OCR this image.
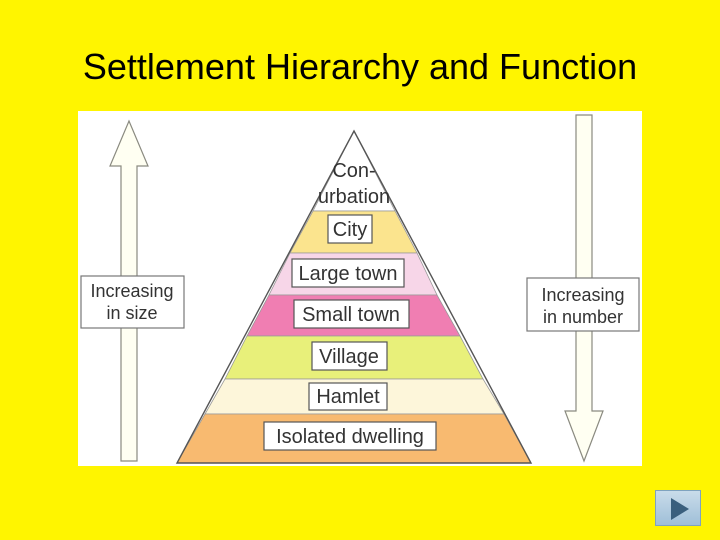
Settlement Hierarchy and Function
Increasing
in size
Increasing
in number
Con-
urbation
City
Large town
Small town
Village
Hamlet
Isolated dwelling
